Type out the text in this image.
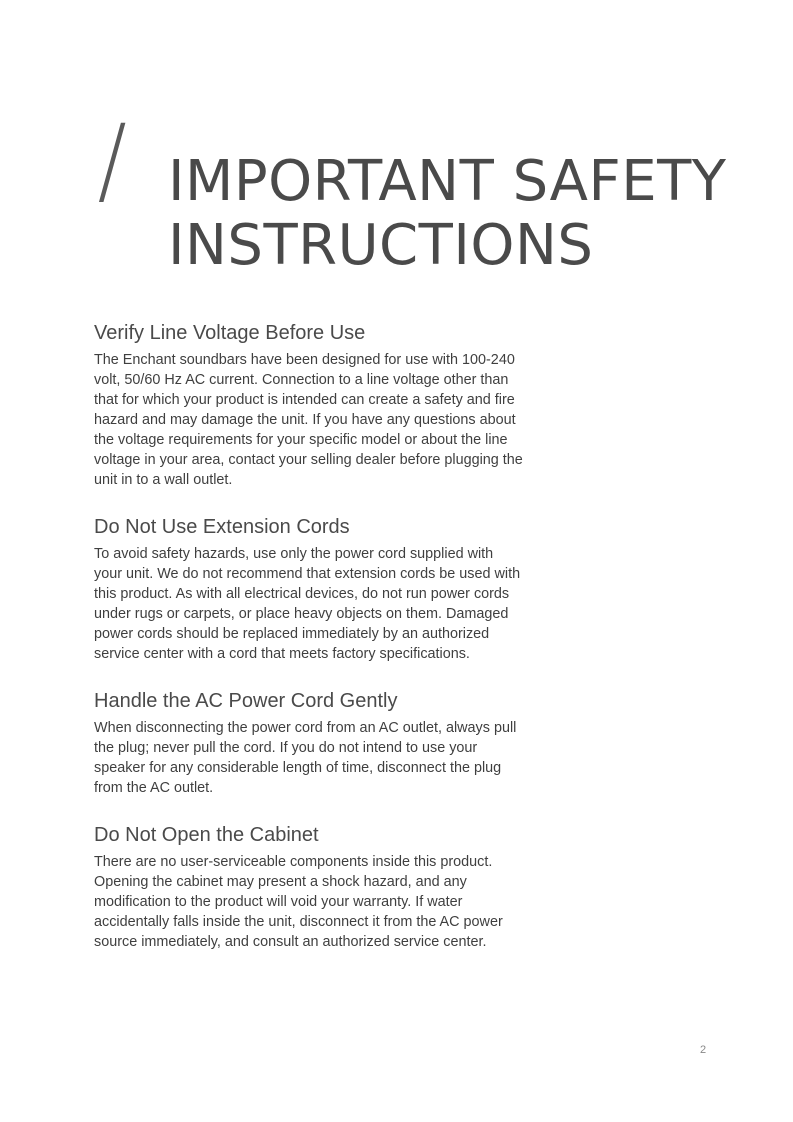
/ IMPORTANT SAFETY
INSTRUCTIONS
Verify Line Voltage Before Use

The Enchant soundbars have been designed for use with 100-240 volt, 50/60 Hz AC current. Connection to a line voltage other than that for which your product is intended can create a safety and fire hazard and may damage the unit. If you have any questions about the voltage requirements for your specific model or about the line voltage in your area, contact your selling dealer before plugging the unit in to a wall outlet.

Do Not Use Extension Cords

To avoid safety hazards, use only the power cord supplied with your unit. We do not recommend that extension cords be used with this product. As with all electrical devices, do not run power cords under rugs or carpets, or place heavy objects on them. Damaged power cords should be replaced immediately by an authorized service center with a cord that meets factory specifications.

Handle the AC Power Cord Gently

When disconnecting the power cord from an AC outlet, always pull the plug; never pull the cord. If you do not intend to use your speaker for any considerable length of time, disconnect the plug from the AC outlet.

Do Not Open the Cabinet

There are no user-serviceable components inside this product. Opening the cabinet may present a shock hazard, and any modification to the product will void your warranty. If water accidentally falls inside the unit, disconnect it from the AC power source immediately, and consult an authorized service center.

2
